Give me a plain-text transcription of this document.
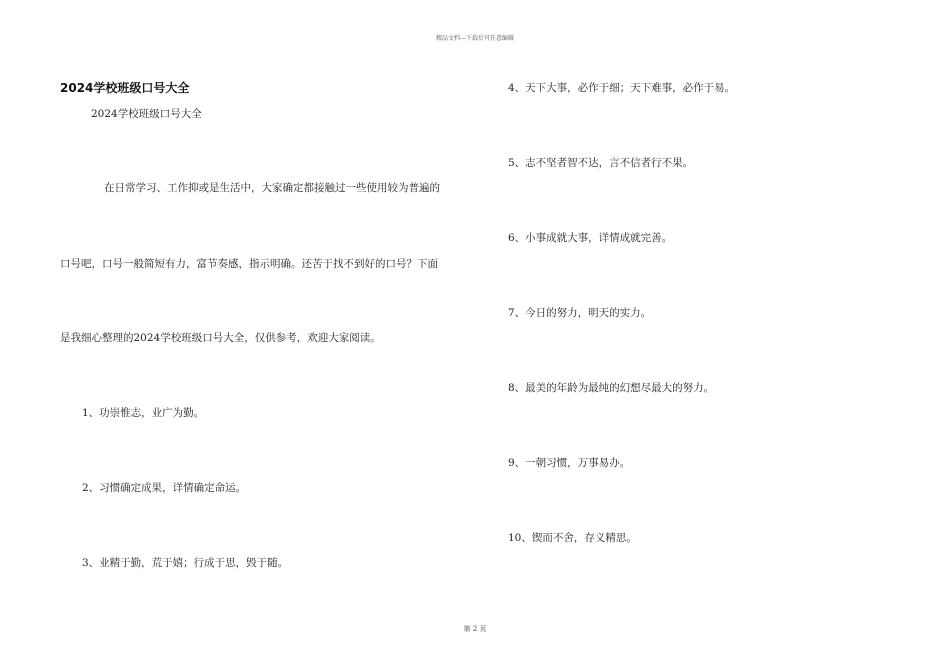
精品文档---下载后可任意编辑
2024学校班级口号大全
2024学校班级口号大全
在日常学习、工作抑或是生活中，大家确定都接触过一些使用较为普遍的
口号吧，口号一般简短有力，富节奏感，指示明确。还苦于找不到好的口号？下面
是我细心整理的2024学校班级口号大全，仅供参考，欢迎大家阅读。
1、功崇惟志，业广为勤。
2、习惯确定成果，详情确定命运。
3、业精于勤，荒于嬉；行成于思，毁于随。
4、天下大事，必作于细；天下难事，必作于易。
5、志不坚者智不达，言不信者行不果。
6、小事成就大事，详情成就完善。
7、今日的努力，明天的实力。
8、最美的年龄为最纯的幻想尽最大的努力。
9、一朝习惯，万事易办。
10、锲而不舍，存义精思。
第 2 页
